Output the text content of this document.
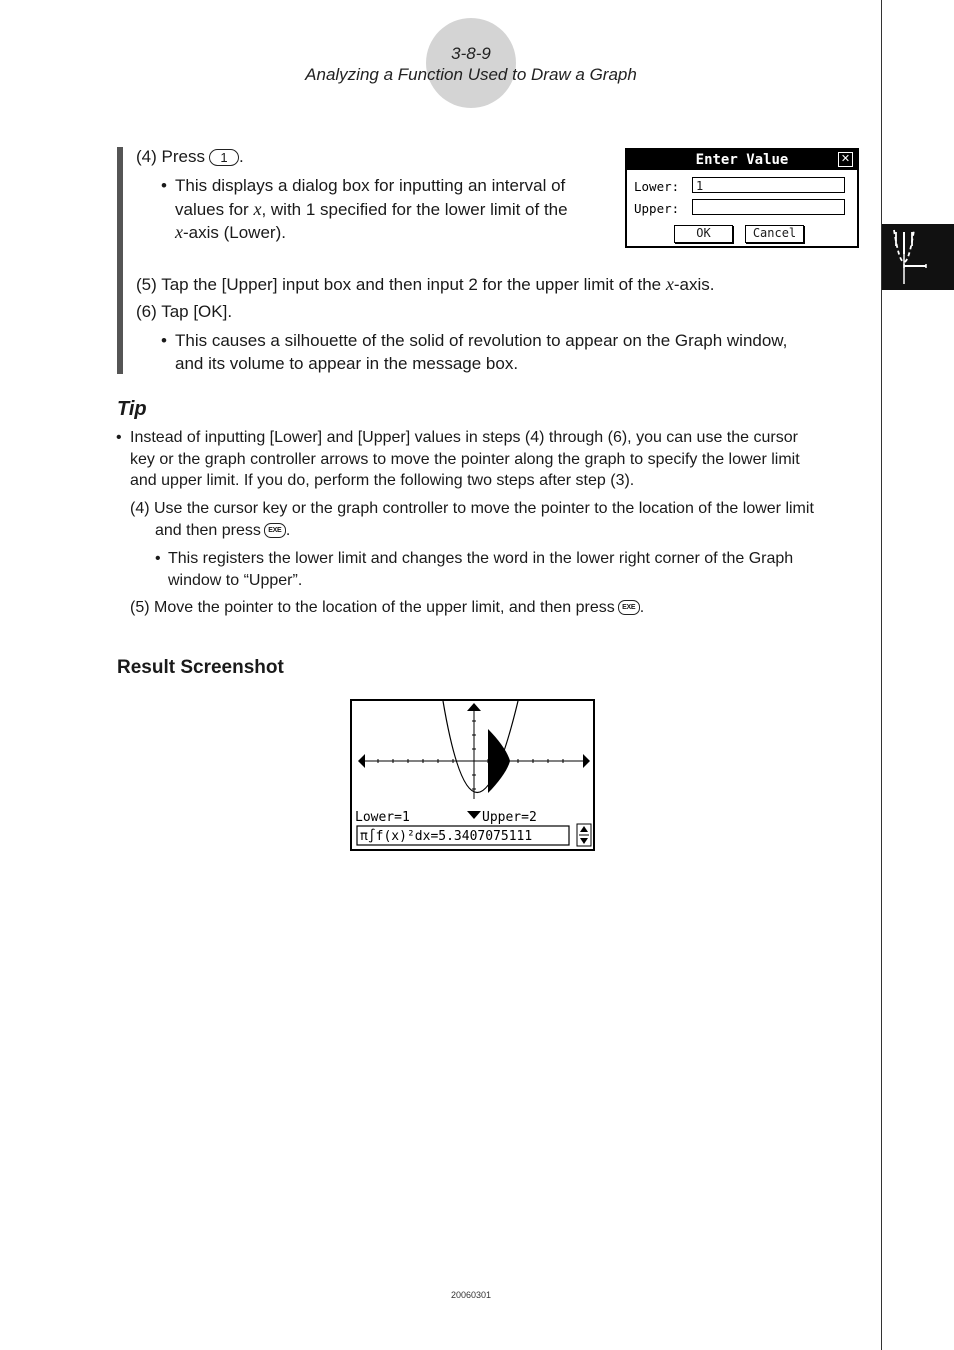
3-8-9
Analyzing a Function Used to Draw a Graph
(4) Press 1 .
• This displays a dialog box for inputting an interval of
values for x, with 1 specified for the lower limit of the
x-axis (Lower).
Enter Value	✕
Lower:	1
Upper:
OK	Cancel
(5) Tap the [Upper] input box and then input 2 for the upper limit of the x-axis.
(6) Tap [OK].
• This causes a silhouette of the solid of revolution to appear on the Graph window,
and its volume to appear in the message box.
Tip
• Instead of inputting [Lower] and [Upper] values in steps (4) through (6), you can use the cursor
key or the graph controller arrows to move the pointer along the graph to specify the lower limit
and upper limit. If you do, perform the following two steps after step (3).
(4) Use the cursor key or the graph controller to move the pointer to the location of the lower limit
and then press EXE .
• This registers the lower limit and changes the word in the lower right corner of the Graph
window to “Upper”.
(5) Move the pointer to the location of the upper limit, and then press EXE .
Result Screenshot
Lower=1	Upper=2
π∫f(x)²dx=5.3407075111
20060301
